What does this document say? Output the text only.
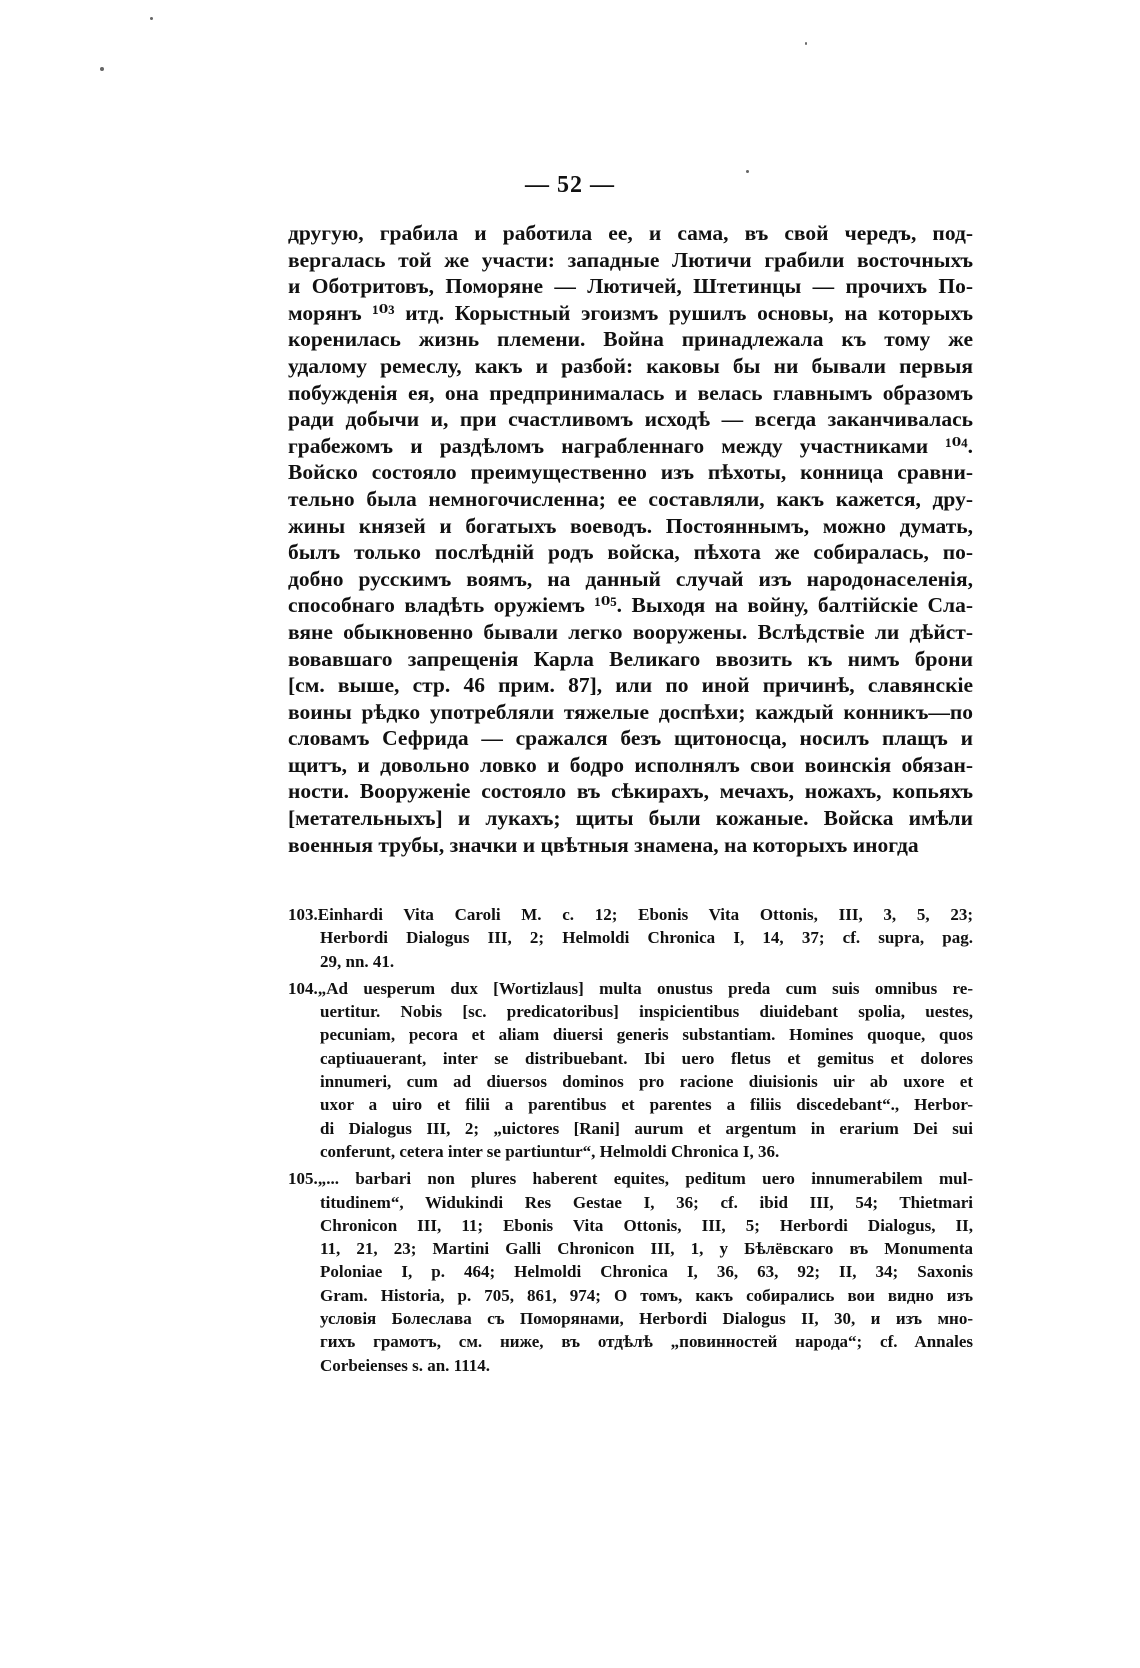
— 52 —
другую, грабила и работила ее, и сама, въ свой чередъ, под-
вергалась той же участи: западные Лютичи грабили восточныхъ
и Оботритовъ, Поморяне — Лютичей, Штетинцы — прочихъ По-
морянъ ¹⁰³ итд. Корыстный эгоизмъ рушилъ основы, на которыхъ
коренилась жизнь племени. Война принадлежала къ тому же
удалому ремеслу, какъ и разбой: каковы бы ни бывали первыя
побужденія ея, она предпринималась и велась главнымъ образомъ
ради добычи и, при счастливомъ исходѣ — всегда заканчивалась
грабежомъ и раздѣломъ награбленнаго между участниками ¹⁰⁴.
Войско состояло преимущественно изъ пѣхоты, конница сравни-
тельно была немногочисленна; ее составляли, какъ кажется, дру-
жины князей и богатыхъ воеводъ. Постояннымъ, можно думать,
былъ только послѣдній родъ войска, пѣхота же собиралась, по-
добно русскимъ воямъ, на данный случай изъ народонаселенія,
способнаго владѣть оружіемъ ¹⁰⁵. Выходя на войну, балтійскіе Сла-
вяне обыкновенно бывали легко вооружены. Вслѣдствіе ли дѣйст-
вовавшаго запрещенія Карла Великаго ввозить къ нимъ брони
[см. выше, стр. 46 прим. 87], или по иной причинѣ, славянскіе
воины рѣдко употребляли тяжелые доспѣхи; каждый конникъ—по
словамъ Сефрида — сражался безъ щитоносца, носилъ плащъ и
щитъ, и довольно ловко и бодро исполнялъ свои воинскія обязан-
ности. Вооруженіе состояло въ сѣкирахъ, мечахъ, ножахъ, копьяхъ
[метательныхъ] и лукахъ; щиты были кожаные. Войска имѣли
военныя трубы, значки и цвѣтныя знамена, на которыхъ иногда
103.Einhardi Vita Caroli M. c. 12; Ebonis Vita Ottonis, III, 3, 5, 23;
Herbordi Dialogus III, 2; Helmoldi Chronica I, 14, 37; cf. supra, pag.
29, nn. 41.
104.„Ad uesperum dux [Wortizlaus] multa onustus preda cum suis omnibus re-
uertitur. Nobis [sc. predicatoribus] inspicientibus diuidebant spolia, uestes,
pecuniam, pecora et aliam diuersi generis substantiam. Homines quoque, quos
captiuauerant, inter se distribuebant. Ibi uero fletus et gemitus et dolores
innumeri, cum ad diuersos dominos pro racione diuisionis uir ab uxore et
uxor a uiro et filii a parentibus et parentes a filiis discedebant“., Herbor-
di Dialogus III, 2; „uictores [Rani] aurum et argentum in erarium Dei sui
conferunt, cetera inter se partiuntur“, Helmoldi Chronica I, 36.
105.„... barbari non plures haberent equites, peditum uero innumerabilem mul-
titudinem“, Widukindi Res Gestae I, 36; cf. ibid III, 54; Thietmari
Chronicon III, 11; Ebonis Vita Ottonis, III, 5; Herbordi Dialogus, II,
11, 21, 23; Martini Galli Chronicon III, 1, у Бѣлёвскаго въ Monumenta
Poloniae I, p. 464; Helmoldi Chronica I, 36, 63, 92; II, 34; Saxonis
Gram. Historia, p. 705, 861, 974; О томъ, какъ собирались вои видно изъ
условія Болеслава съ Поморянами, Herbordi Dialogus II, 30, и изъ мно-
гихъ грамотъ, см. ниже, въ отдѣлѣ „повинностей народа“; cf. Annales
Corbeienses s. an. 1114.
